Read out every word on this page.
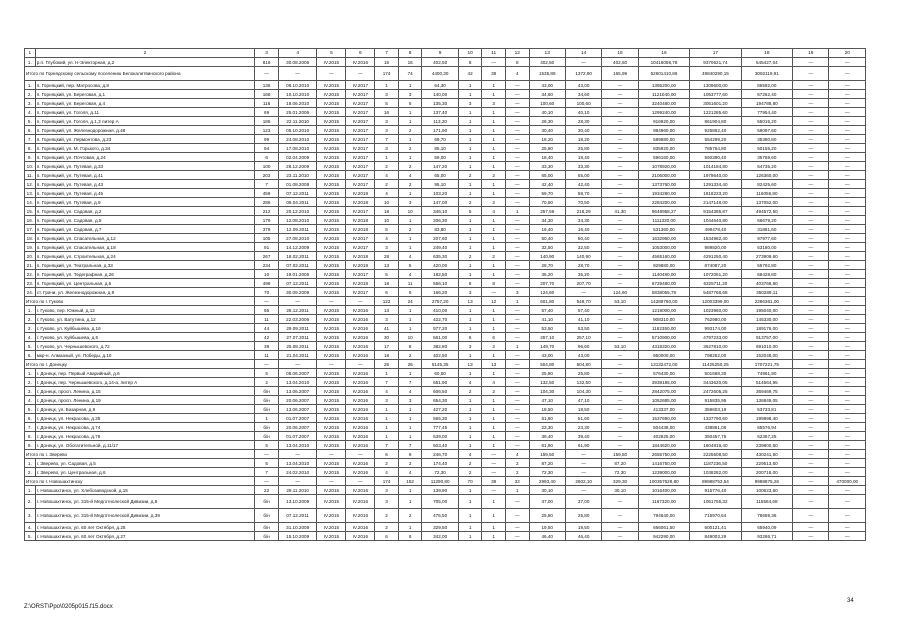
1	2	3	4	5	6	7	8	9	10	11	12	13	14	15	16	17	18	19	20
1.	р.п. Глубокий, ул. Н-Электорная, д.2	816	30.08.2006	IV.2015	IV.2016	16	16	402,50	8	—	8	402,50	—	402,50	10416058,78	9370621,74	545427,04	—	—
Итого по Горнядскому сельскому поселению Белокалитвинского района		—	—	—	—	174	74	4400,30	42	38	4	1535,89	1372,90	165,99	52601410,86	49840290,15	3092119,91	—	—
1.	п. Горняцкий, пер. Матросова, д.8	136	06.10.2010	IV.2015	IV.2017	1	1	64,30	1	1	—	43,00	43,00	—	1395200,00	1309600,00	85592,00	—	—
2.	п. Горняцкий, ул. Береговая, д.1	168	10.10.2010	IV.2015	IV.2017	3	3	140,00	1	1	—	34,60	34,60	—	1121040,00	1053777,60	67262,40	—	—
3.	п. Горняцкий, ул. Береговая, д.4	116	18.06.2010	IV.2015	IV.2017	5	5	135,30	3	3	—	100,60	100,60	—	3240480,00	3051601,20	194788,80	—	—
4.	п. Горняцкий, ул. Гоголя, д.11	69	25.01.2006	IV.2015	IV.2017	16	1	137,40	1	1	—	40,10	40,10	—	1299240,00	1221285,60	77954,40	—	—
5.	п. Горняцкий, ул. Гоголя, д.1,3 литер А	185	22.11.2010	IV.2015	IV.2017	3	1	113,20	1	1	—	28,30	28,30	—	916920,00	861904,80	55015,20	—	—
6.	п. Горняцкий, ул. Железнодорожная, д.48	123	05.10.2010	IV.2015	IV.2017	3	2	171,90	1	1	—	30,40	30,40	—	984960,00	925862,40	59097,60	—	—
7.	п. Горняцкий, ул. Лермонтова, д.23	99	24.08.2010	IV.2015	IV.2017	7	1	69,70	1	1	—	18,20	18,20	—	589680,00	554299,20	35380,80	—	—
8.	п. Горняцкий, ул. М. Горького, д.34	94	17.08.2010	IV.2015	IV.2017	3	2	85,10	1	1	—	25,80	25,80	—	835920,00	785764,80	50155,20	—	—
9.	п. Горняцкий, ул. Почтовая, д.24	6	02.04.2009	IV.2015	IV.2017	1	1	59,00	1	1	—	18,40	18,40	—	596160,00	560390,40	35769,60	—	—
10.	п. Горняцкий, ул. Путевая, д.33	100	28.12.2009	IV.2015	IV.2017	2	2	147,20	1	1	—	33,30	33,30	—	1078920,00	1014184,80	64735,20	—	—
11.	п. Горняцкий, ул. Путевая, д.41	203	23.11.2010	IV.2015	IV.2017	4	4	65,00	2	2	—	65,00	65,00	—	2106000,00	1979640,00	126360,00	—	—
12.	п. Горняцкий, ул. Путевая, д.43	7	01.08.2008	IV.2015	IV.2017	2	2	95,10	1	1	—	42,40	42,40	—	1373760,00	1291334,40	82425,60	—	—
13.	п. Горняцкий, ул. Путевая, д.45	459	07.12.2011	IV.2015	IV.2018	4	1	103,20	1	1	—	59,70	59,70	—	1934280,00	1818223,20	116056,80	—	—
14.	п. Горняцкий, ул. Путевая, д.9	286	06.04.2011	IV.2015	IV.2018	10	3	147,00	2	2	—	70,50	70,50	—	2284200,00	2147148,00	137052,00	—	—
15.	п. Горняцкий, ул. Садовая, д.2	212	20.12.2010	IV.2015	IV.2017	18	10	346,10	5	4	1	257,59	216,29	41,30	9648958,27	9154385,87	494572,50	—	—
16.	п. Горняцкий, ул. Садовая, д.5	179	12.08.2010	IV.2015	IV.2018	10	1	206,30	1	1	—	34,30	34,30	—	1111320,00	1044640,80	66679,20	—	—
17.	п. Горняцкий, ул. Садовая, д.7	379	12.09.2011	IV.2015	IV.2018	5	2	83,80	1	1	—	16,40	16,40	—	531360,00	499478,40	31881,60	—	—
18.	п. Горняцкий, ул. Спасательная, д.12	105	27.08.2010	IV.2015	IV.2017	4	1	207,60	1	1	—	50,40	50,40	—	1632960,00	1534982,40	97977,60	—	—
19.	п. Горняцкий, ул. Спасательная, д.18	91	14.12.2009	IV.2015	IV.2017	3	1	249,40	1	1	—	32,50	32,50	—	1053000,00	989820,00	63180,00	—	—
20.	п. Горняцкий, ул. Строительная, д.24	267	18.02.2011	IV.2015	IV.2018	28	4	635,30	2	2	—	140,90	140,90	—	4565160,00	4291250,40	273909,60	—	—
21.	п. Горняцкий, ул. Театральная, д.33	234	07.02.2011	IV.2015	IV.2018	13	5	420,00	1	1	—	28,70	28,70	—	929880,00	874087,20	55792,80	—	—
22.	п. Горняцкий, ул. Тедеграфная, д.26	10	19.01.2006	IV.2015	IV.2017	5	4	182,50	1	1	—	35,20	35,20	—	1140480,00	1072051,20	68428,80	—	—
23.	п. Горняцкий, ул. Центральная, д.6	498	07.12.2011	IV.2015	IV.2018	18	11	556,10	8	8	—	207,70	207,70	—	6729480,00	6325711,20	403768,80	—	—
24.	ст. Грачи, ул. Железнодорожная, д.9	70	30.09.2009	IV.2015	IV.2017	6	6	166,20	3	—	3	124,60	—	124,60	5838055,79	5487766,68	350289,11	—	—
Итого по г. Гуково		—	—	—	—	122	24	2757,20	13	12	1	601,80	548,70	53,10	14289760,00	12003399,00	2286361,00	—	—
1.	г. Гуково, пер. Южный, д.12	65	28.12.2011	IV.2015	IV.2016	13	1	410,00	1	1	—	57,40	57,40	—	1219000,00	1023960,00	195040,00	—	—
2.	г. Гуково, ул. Ватутина, д.12	11	22.03.2006	IV.2015	IV.2016	3	1	422,70	1	1	—	41,10	41,10	—	908310,00	762980,00	145330,00	—	—
3.	г. Гуково, ул. Куйбышева, д.16	44	29.09.2011	IV.2015	IV.2016	41	1	577,20	1	1	—	53,50	53,50	—	1182350,00	993174,00	189176,00	—	—
4.	г. Гуково, ул. Куйбышева, д.5	42	27.07.2011	IV.2015	IV.2016	30	10	561,00	6	6	—	257,10	257,10	—	5710900,00	4797233,00	913757,00	—	—
5.	г. Гуково, ул. Чернышевского, д.72	39	25.08.2011	IV.2015	IV.2016	17	8	382,80	3	2	1	149,70	96,60	53,10	4318320,00	3627810,00	691010,00	—	—
6.	мкр-н. Алмазный, ул. Победы, д.10	11	21.04.2011	IV.2015	IV.2016	18	2	402,50	1	1	—	43,00	43,00	—	950000,00	798252,00	152048,00	—	—
Итого по г. Донецку		—	—	—	—	26	26	5145,35	13	13	—	504,80	504,80	—	13132472,00	11425250,25	1707221,75	—	—
1.	г. Донецк, пер. Первый Аварийный, д.6	5	06.06.2007	IV.2015	IV.2016	1	1	60,50	1	1	—	25,80	25,80	—	576430,00	501668,30	74961,90	—	—
2.	г. Донецк, пер. Чернышевского, д.14-а, литер А	2	13.04.2010	IV.2015	IV.2016	7	7	651,90	4	4	—	132,50	132,50	—	3938185,00	3443620,05	514564,95	—	—
3.	г. Донецк, просп. Ленина, д.15	б/н	13.06.2007	IV.2015	IV.2016	4	4	606,50	2	2	—	104,30	104,30	—	2842075,00	2472605,25	369469,75	—	—
4.	г. Донецк, просп. Ленина, д.19	б/н	20.06.2007	IV.2015	IV.2016	3	3	654,30	1	1	—	47,10	47,10	—	1052685,00	915835,95	136849,05	—	—
5.	г. Донецк, ул. Базарная, д.9	б/н	13.06.2007	IV.2015	IV.2016	1	1	427,20	1	1	—	18,50	18,50	—	413337,00	359603,19	53733,81	—	—
6.	г. Донецк, ул. Некрасова, д.35	1	01.07.2007	IV.2015	IV.2016	1	1	565,30	1	1	—	51,60	51,60	—	1537690,00	1337790,60	199898,40	—	—
7.	г. Донецк, ул. Некрасова, д.74	б/н	20.06.2007	IV.2015	IV.2016	1	1	777,45	1	1	—	23,30	23,30	—	504438,00	438861,06	65576,94	—	—
8.	г. Донецк, ул. Некрасова, д.78	б/н	01.07.2007	IV.2015	IV.2016	1	1	539,00	1	1	—	39,40	39,40	—	402825,00	350457,75	52367,25	—	—
9.	г. Донецк, ул. Обогатительной, д.11/17	5	13.04.2010	IV.2015	IV.2016	7	7	503,40	1	1	—	61,90	61,90	—	1844620,00	1604819,40	239800,60	—	—
Итого по г. Зверево		—	—	—	—	6	6	246,70	4	—	4	159,50	—	159,50	2655750,00	2225508,50	430241,50	—	—
1.	г. Зверево, ул. Садовая, д.5	5	13.04.2010	IV.2015	IV.2016	2	2	174,40	2	—	2	87,20	—	87,20	1416750,00	1187236,50	229513,50	—	—
2.	г. Зверево, ул. Центральная, д.6	7	24.02.2010	IV.2015	IV.2016	4	4	72,30	2	—	2	72,30	—	72,30	1239000,00	1038282,00	200718,00	—	—
Итого по г. Новошахтинску		—	—	—	—	174	152	11290,80	70	38	32	2993,40	2602,10	329,30	100357628,80	89988753,54	9988875,26	—	470000,00
1.	г. Новошахтинск, ул. Хлебозаводской, д.15	22	29.11.2010	IV.2015	IV.2016	3	1	139,90	1	—	1	30,10	—	30,10	1016400,00	915776,40	100623,60	—	—
2.	г. Новошахтинск, ул. 315-й Медготнолеской Дивизии, д.8	б/н	13.10.2009	IV.2015	IV.2016	3	1	705,00	1	1	—	37,00	37,00	—	1167320,00	1051755,32	115564,68	—	—
3.	г. Новошахтинск, ул. 315-й Медготнолеской Дивизии, д.39	б/н	07.12.2011	IV.2015	IV.2016	2	2	475,50	1	1	—	25,80	25,80	—	794640,00	715970,64	78669,36	—	—
4.	г. Новошахтинск, ул. 60 лет Октября, д.25	б/н	31.10.2008	IV.2015	IV.2016	2	1	329,50	1	1	—	19,50	19,50	—	666061,50	600121,41	65940,09	—	—
5.	г. Новошахтинск, ул. 60 лет Октября, д.27	б/н	15.10.2009	IV.2015	IV.2016	6	6	342,00	1	1	—	46,40	46,40	—	942290,00	849003,29	93286,71	—	—
Z:\ORST\Ppo\0205p015.f15.docx
34
